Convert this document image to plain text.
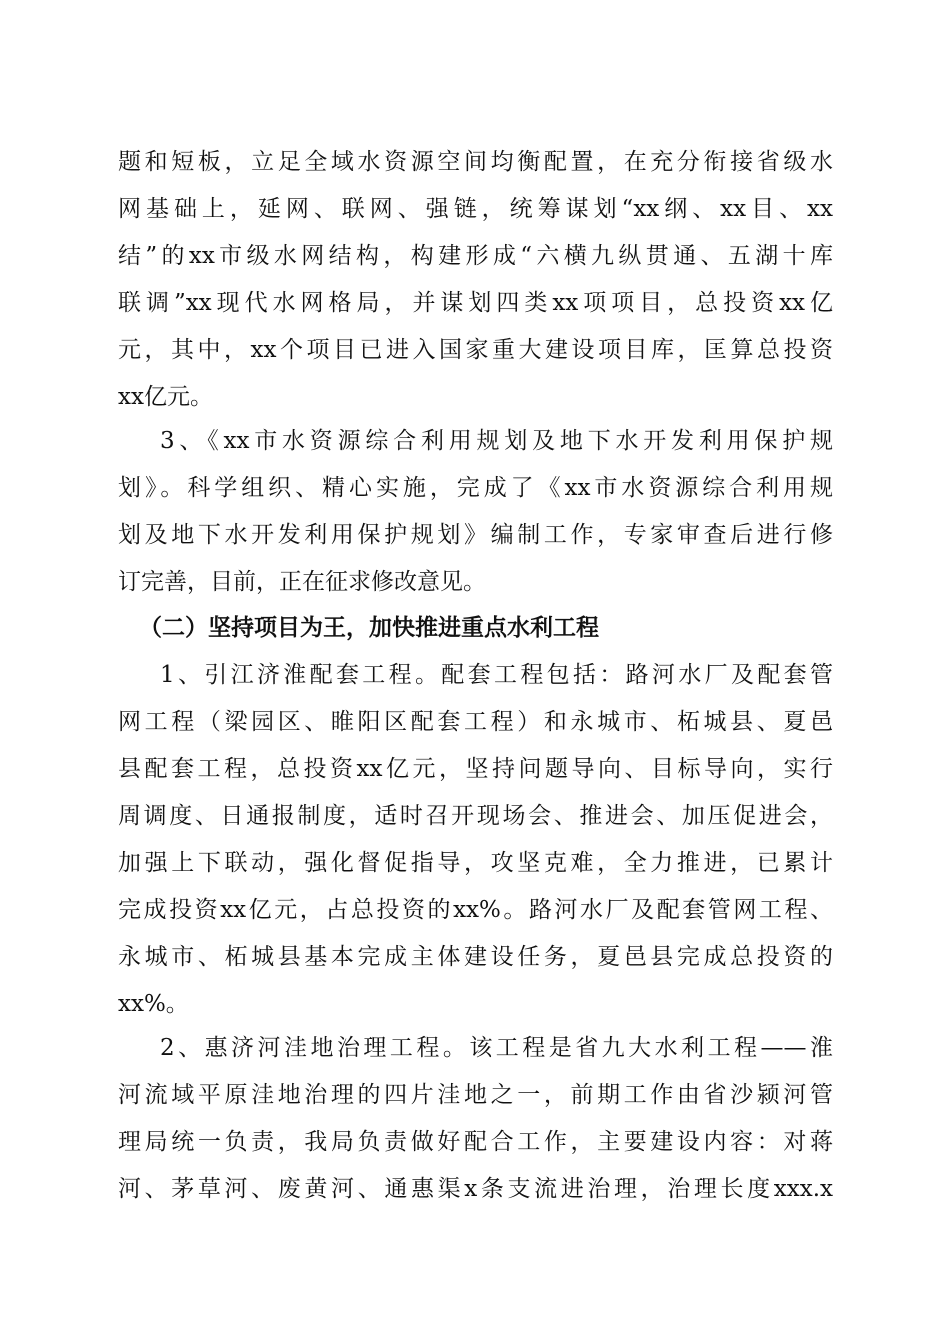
题和短板，立足全域水资源空间均衡配置，在充分衔接省级水
网基础上，延网、联网、强链，统筹谋划“xx纲、xx目、xx
结”的xx市级水网结构，构建形成“六横九纵贯通、五湖十库
联调”xx现代水网格局，并谋划四类xx项项目，总投资xx亿
元，其中，xx个项目已进入国家重大建设项目库，匡算总投资
xx亿元。
3、《xx市水资源综合利用规划及地下水开发利用保护规
划》。科学组织、精心实施，完成了《xx市水资源综合利用规
划及地下水开发利用保护规划》编制工作，专家审查后进行修
订完善，目前，正在征求修改意见。
（二）坚持项目为王，加快推进重点水利工程
1、引江济淮配套工程。配套工程包括：路河水厂及配套管
网工程（梁园区、睢阳区配套工程）和永城市、柘城县、夏邑
县配套工程，总投资xx亿元，坚持问题导向、目标导向，实行
周调度、日通报制度，适时召开现场会、推进会、加压促进会，
加强上下联动，强化督促指导，攻坚克难，全力推进，已累计
完成投资xx亿元，占总投资的xx%。路河水厂及配套管网工程、
永城市、柘城县基本完成主体建设任务，夏邑县完成总投资的
xx%。
2、惠济河洼地治理工程。该工程是省九大水利工程——淮
河流域平原洼地治理的四片洼地之一，前期工作由省沙颍河管
理局统一负责，我局负责做好配合工作，主要建设内容：对蒋
河、茅草河、废黄河、通惠渠x条支流进治理，治理长度xxx.x
